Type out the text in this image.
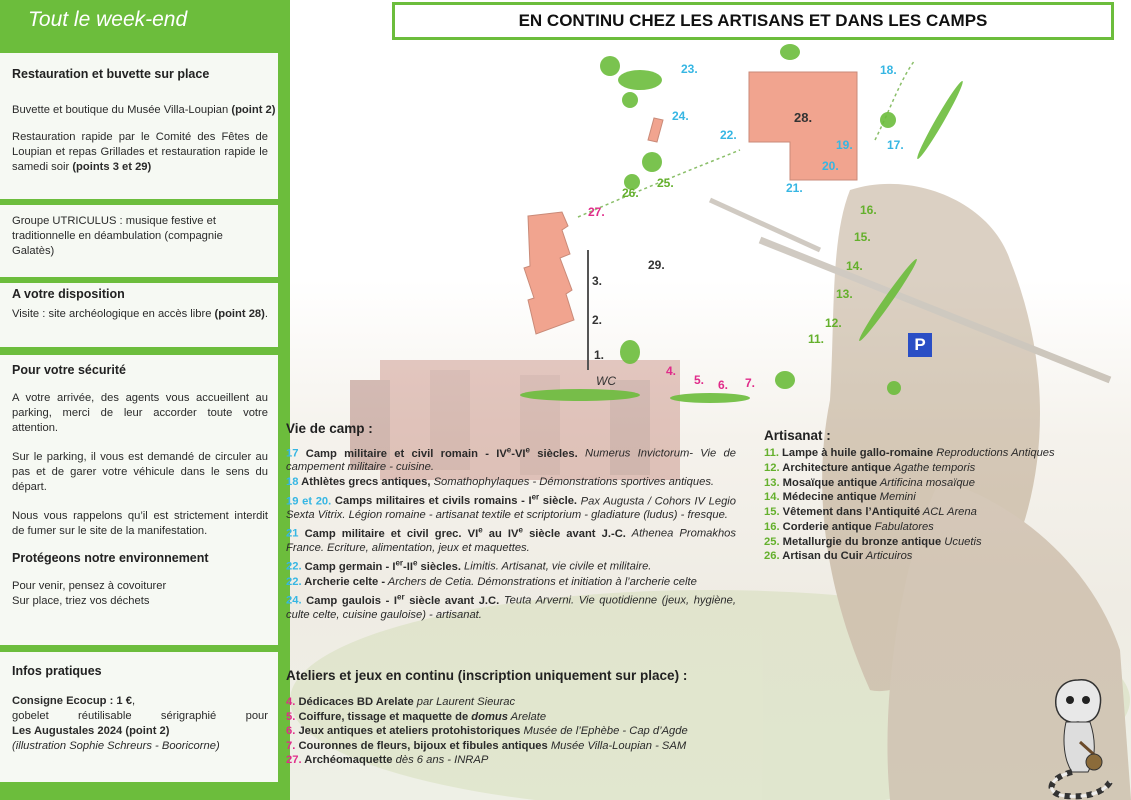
Tout le week-end
Restauration et buvette sur place

Buvette et boutique du Musée Villa-Loupian (point 2)

Restauration rapide par le Comité des Fêtes de Loupian et repas Grillades et restauration rapide le samedi soir (points 3 et 29)

Groupe UTRICULUS : musique festive et traditionnelle en déambulation (compagnie Galatès)

A votre disposition

Visite : site archéologique en accès libre (point 28).

Pour votre sécurité

A votre arrivée, des agents vous accueillent au parking, merci de leur accorder toute votre attention.

Sur le parking, il vous est demandé de circuler au pas et de garer votre véhicule dans le sens du départ.

Nous vous rappelons qu’il est strictement interdit de fumer sur le site de la manifestation.

Protégeons notre environnement

Pour venir, pensez à covoiturer

Sur place, triez vos déchets

Infos pratiques

Consigne Ecocup : 1 €,

gobelet réutilisable sérigraphié pour

Les Augustales 2024 (point 2)

(illustration Sophie Schreurs - Booricorne)

EN CONTINU CHEZ LES ARTISANS ET DANS LES CAMPS
P
23.	18.
24.	28.
22.
19.	17.
20.
21.
25.
26.
27.	16.
15.
29.	14.
3.
13.
2.	12.
11.
1.
4.
5. 6. 7.
WC
Vie de camp :

17 Camp militaire et civil romain - IVe-VIe siècles. Numerus Invictorum- Vie de campement militaire - cuisine.

18 Athlètes grecs antiques, Somathophylaques - Démonstrations sportives antiques.

19 et 20. Camps militaires et civils romains - Ier siècle. Pax Augusta / Cohors IV Legio Sexta Vitrix. Légion romaine - artisanat textile et scriptorium - gladiature (ludus) - fresque.

21 Camp militaire et civil grec. VIe au IVe siècle avant J.-C. Athenea Promakhos France. Ecriture, alimentation, jeux et maquettes.

22. Camp germain - Ier-IIe siècles. Limitis. Artisanat, vie civile et militaire.

22. Archerie celte - Archers de Cetia. Démonstrations et initiation à l’archerie celte

24. Camp gaulois - Ier siècle avant J.C. Teuta Arverni. Vie quotidienne (jeux, hygiène, culte celte, cuisine gauloise) - artisanat.

Artisanat :

11. Lampe à huile gallo-romaine Reproductions Antiques

12. Architecture antique Agathe temporis

13. Mosaïque antique Artificina mosaïque

14. Médecine antique Memini

15. Vêtement dans l’Antiquité ACL Arena

16. Corderie antique Fabulatores

25. Metallurgie du bronze antique Ucuetis

26. Artisan du Cuir Articuiros

Ateliers et jeux en continu (inscription uniquement sur place) :

4. Dédicaces BD Arelate par Laurent Sieurac

5. Coiffure, tissage et maquette de domus Arelate

6. Jeux antiques et ateliers protohistoriques Musée de l’Ephèbe - Cap d’Agde

7. Couronnes de fleurs, bijoux et fibules antiques Musée Villa-Loupian - SAM

27. Archéomaquette dès 6 ans - INRAP
